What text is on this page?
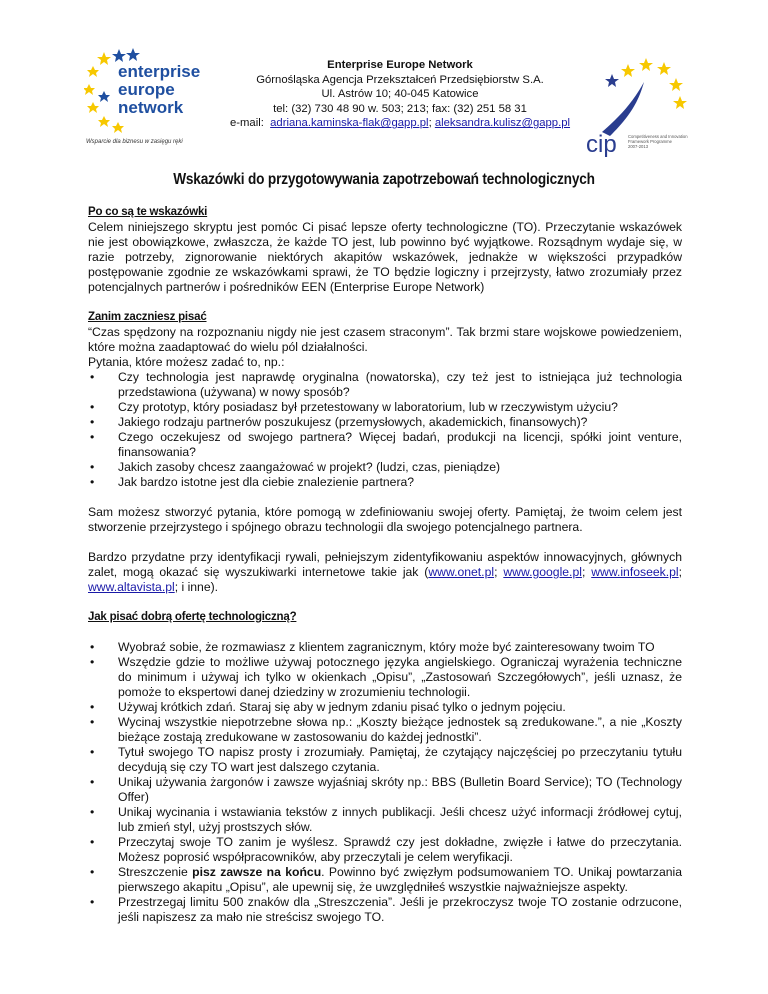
enterprise
europe
network
Wsparcie dla biznesu w zasięgu ręki
Enterprise Europe Network
Górnośląska Agencja Przekształceń Przedsiębiorstw S.A.
Ul. Astrów 10; 40-045 Katowice
tel: (32) 730 48 90 w. 503; 213; fax: (32) 251 58 31
e-mail: adriana.kaminska-flak@gapp.pl; aleksandra.kulisz@gapp.pl
cip	Competitiveness and Innovation
Framework Programme
2007-2013
Wskazówki do przygotowywania zapotrzebowań technologicznych
Po co są te wskazówki

Celem niniejszego skryptu jest pomóc Ci pisać lepsze oferty technologiczne (TO). Przeczytanie wskazówek nie jest obowiązkowe, zwłaszcza, że każde TO jest, lub powinno być wyjątkowe. Rozsądnym wydaje się, w razie potrzeby, zignorowanie niektórych akapitów wskazówek, jednakże w większości przypadków postępowanie zgodnie ze wskazówkami sprawi, że TO będzie logiczny i przejrzysty, łatwo zrozumiały przez potencjalnych partnerów i pośredników EEN (Enterprise Europe Network)

Zanim zaczniesz pisać

“Czas spędzony na rozpoznaniu nigdy nie jest czasem straconym”. Tak brzmi stare wojskowe powiedzeniem, które można zaadaptować do wielu pól działalności.

Pytania, które możesz zadać to, np.:

• Czy technologia jest naprawdę oryginalna (nowatorska), czy też jest to istniejąca już technologia przedstawiona (używana) w nowy sposób?
• Czy prototyp, który posiadasz był przetestowany w laboratorium, lub w rzeczywistym użyciu?
• Jakiego rodzaju partnerów poszukujesz (przemysłowych, akademickich, finansowych)?
• Czego oczekujesz od swojego partnera? Więcej badań, produkcji na licencji, spółki joint venture, finansowania?
• Jakich zasoby chcesz zaangażować w projekt? (ludzi, czas, pieniądze)
• Jak bardzo istotne jest dla ciebie znalezienie partnera?

Sam możesz stworzyć pytania, które pomogą w zdefiniowaniu swojej oferty. Pamiętaj, że twoim celem jest stworzenie przejrzystego i spójnego obrazu technologii dla swojego potencjalnego partnera.

Bardzo przydatne przy identyfikacji rywali, pełniejszym zidentyfikowaniu aspektów innowacyjnych, głównych zalet, mogą okazać się wyszukiwarki internetowe takie jak (www.onet.pl; www.google.pl; www.infoseek.pl; www.altavista.pl; i inne).

Jak pisać dobrą ofertę technologiczną?
• Wyobraź sobie, że rozmawiasz z klientem zagranicznym, który może być zainteresowany twoim TO
• Wszędzie gdzie to możliwe używaj potocznego języka angielskiego. Ograniczaj wyrażenia techniczne do minimum i używaj ich tylko w okienkach „Opisu”, „Zastosowań Szczegółowych”, jeśli uznasz, że pomoże to ekspertowi danej dziedziny w zrozumieniu technologii.
• Używaj krótkich zdań. Staraj się aby w jednym zdaniu pisać tylko o jednym pojęciu.
• Wycinaj wszystkie niepotrzebne słowa np.: „Koszty bieżące jednostek są zredukowane.”, a nie „Koszty bieżące zostają zredukowane w zastosowaniu do każdej jednostki”.
• Tytuł swojego TO napisz prosty i zrozumiały. Pamiętaj, że czytający najczęściej po przeczytaniu tytułu decydują się czy TO wart jest dalszego czytania.
• Unikaj używania żargonów i zawsze wyjaśniaj skróty np.: BBS (Bulletin Board Service); TO (Technology Offer)
• Unikaj wycinania i wstawiania tekstów z innych publikacji. Jeśli chcesz użyć informacji źródłowej cytuj, lub zmień styl, użyj prostszych słów.
• Przeczytaj swoje TO zanim je wyślesz. Sprawdź czy jest dokładne, zwięzłe i łatwe do przeczytania. Możesz poprosić współpracowników, aby przeczytali je celem weryfikacji.
• Streszczenie pisz zawsze na końcu. Powinno być zwięzłym podsumowaniem TO. Unikaj powtarzania pierwszego akapitu „Opisu”, ale upewnij się, że uwzględniłeś wszystkie najważniejsze aspekty.
• Przestrzegaj limitu 500 znaków dla „Streszczenia”. Jeśli je przekroczysz twoje TO zostanie odrzucone, jeśli napiszesz za mało nie streścisz swojego TO.
